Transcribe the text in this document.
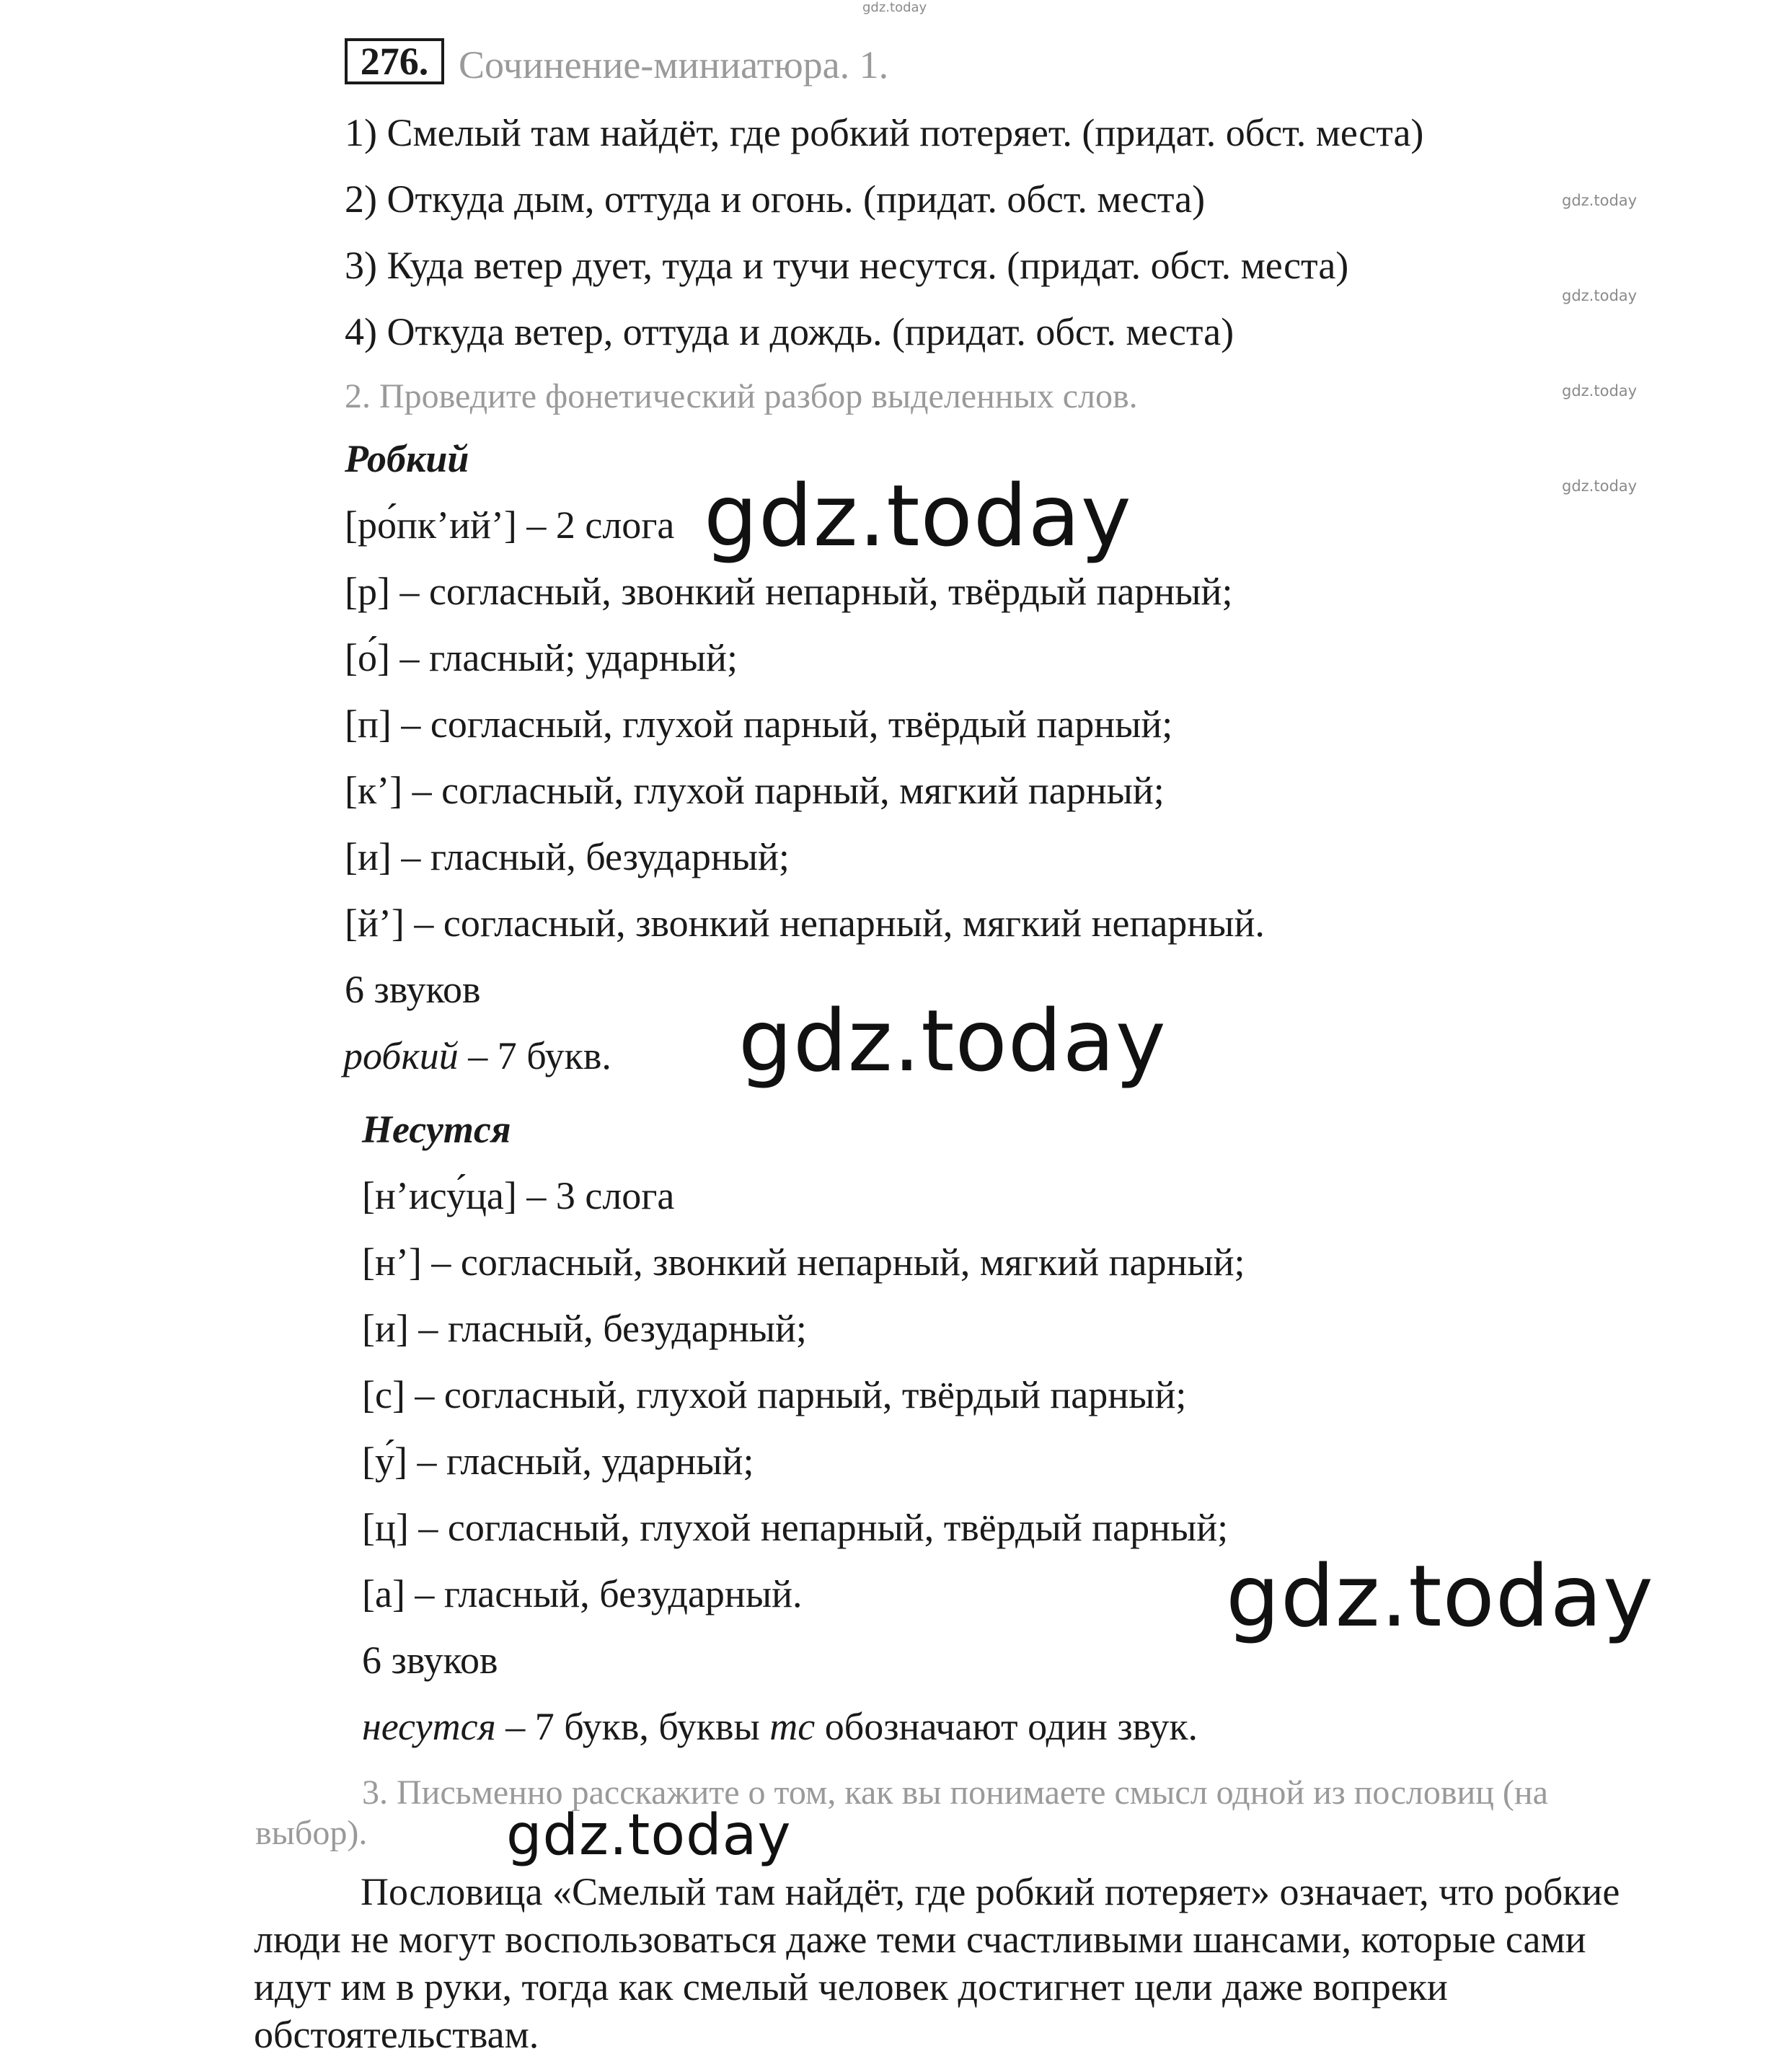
gdz.today
gdz.today
gdz.today
gdz.today
gdz.today
276. Сочинение-миниатюра. 1.
1) Смелый там найдёт, где робкий потеряет. (придат. обст. места)
2) Откуда дым, оттуда и огонь. (придат. обст. места)
3) Куда ветер дует, туда и тучи несутся. (придат. обст. места)
4) Откуда ветер, оттуда и дождь. (придат. обст. места)
2. Проведите фонетический разбор выделенных слов.
Робкий
[ро́пк’ий’] – 2 слога
[р] – согласный, звонкий непарный, твёрдый парный;
[о́] – гласный; ударный;
[п] – согласный, глухой парный, твёрдый парный;
[к’] – согласный, глухой парный, мягкий парный;
[и] – гласный, безударный;
[й’] – согласный, звонкий непарный, мягкий непарный.
6 звуков
робкий – 7 букв.
Несутся
[н’ису́ца] – 3 слога
[н’] – согласный, звонкий непарный, мягкий парный;
[и] – гласный, безударный;
[с] – согласный, глухой парный, твёрдый парный;
[у́] – гласный, ударный;
[ц] – согласный, глухой непарный, твёрдый парный;
[а] – гласный, безударный.
6 звуков
несутся – 7 букв, буквы тс обозначают один звук.
3. Письменно расскажите о том, как вы понимаете смысл одной из пословиц (на
выбор).
Пословица «Смелый там найдёт, где робкий потеряет» означает, что робкие люди не могут воспользоваться даже теми счастливыми шансами, которые сами идут им в руки, тогда как смелый человек достигнет цели даже вопреки обстоятельствам.
gdz.today
gdz.today
gdz.today
gdz.today
